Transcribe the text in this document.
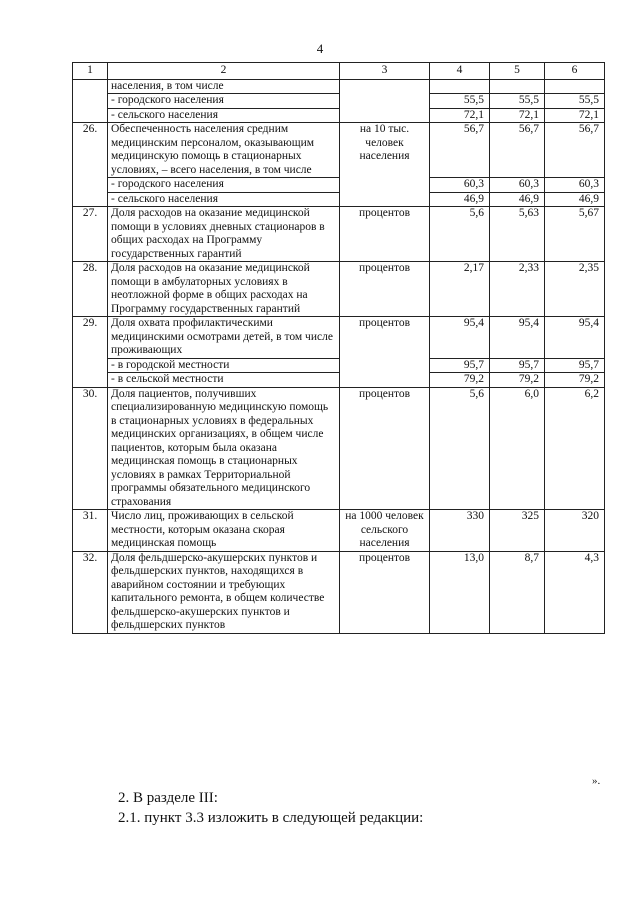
4
1	2	3	4	5	6
	населения, в том числе				
	- городского населения		55,5	55,5	55,5
	- сельского населения		72,1	72,1	72,1
26.	Обеспеченность населения средним медицинским персоналом, оказывающим медицинскую помощь в стационарных условиях, – всего населения, в том числе	на 10 тыс. человек населения	56,7	56,7	56,7
	- городского населения		60,3	60,3	60,3
	- сельского населения		46,9	46,9	46,9
27.	Доля расходов на оказание медицинской помощи в условиях дневных стационаров в общих расходах на Программу государственных гарантий	процентов	5,6	5,63	5,67
28.	Доля расходов на оказание медицинской помощи в амбулаторных условиях в неотложной форме в общих расходах на Программу государственных гарантий	процентов	2,17	2,33	2,35
29.	Доля охвата профилактическими медицинскими осмотрами детей, в том числе проживающих	процентов	95,4	95,4	95,4
	- в городской местности		95,7	95,7	95,7
	- в сельской местности		79,2	79,2	79,2
30.	Доля пациентов, получивших специализированную медицинскую помощь в стационарных условиях в федеральных медицинских организациях, в общем числе пациентов, которым была оказана медицинская помощь в стационарных условиях в рамках Территориальной программы обязательного медицинского страхования	процентов	5,6	6,0	6,2
31.	Число лиц, проживающих в сельской местности, которым оказана скорая медицинская помощь	на 1000 человек сельского населения	330	325	320
32.	Доля фельдшерско-акушерских пунктов и фельдшерских пунктов, находящихся в аварийном состоянии и требующих капитального ремонта, в общем количестве фельдшерско-акушерских пунктов и фельдшерских пунктов	процентов	13,0	8,7	4,3
».
2. В разделе III:
2.1. пункт 3.3 изложить в следующей редакции:
